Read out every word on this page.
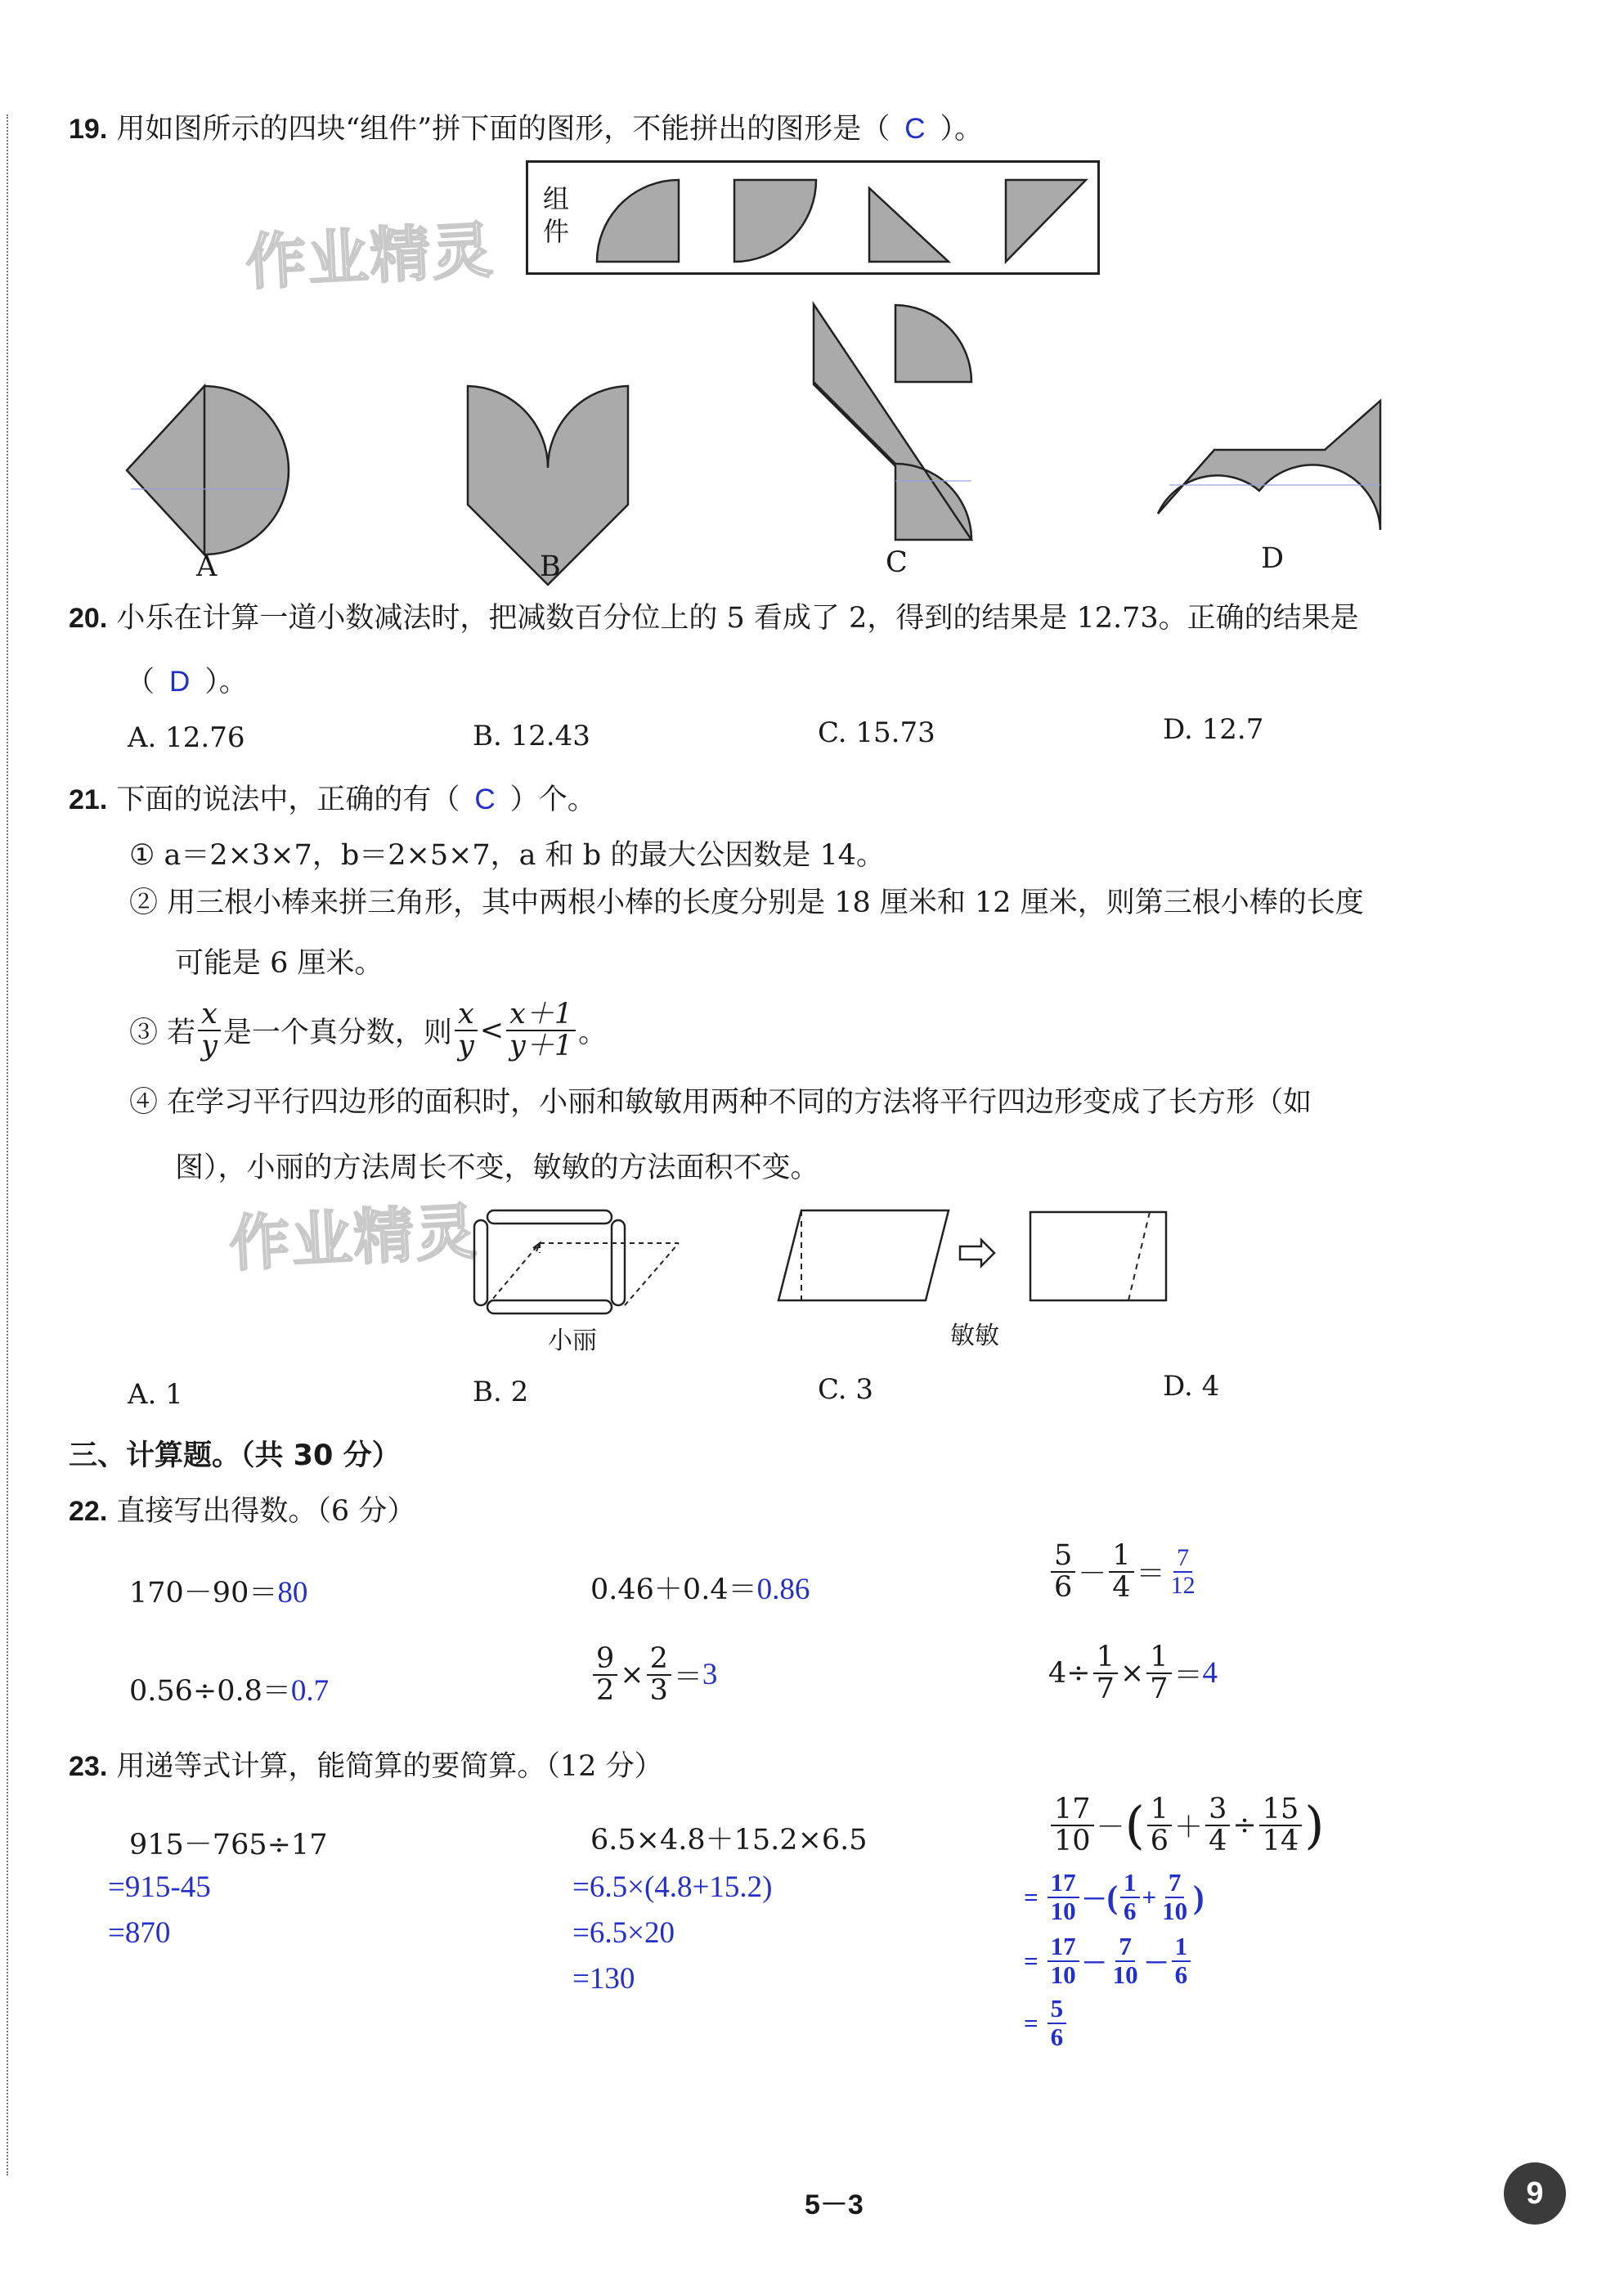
作业精灵
作业精灵
19. 用如图所示的四块“组件”拼下面的图形，不能拼出的图形是（ C ）。
组件
A	B	C	D
20. 小乐在计算一道小数减法时，把减数百分位上的 5 看成了 2，得到的结果是 12.73。正确的结果是
（ D ）。
A. 12.76	B. 12.43	C. 15.73	D. 12.7
21. 下面的说法中，正确的有（ C ）个。
① a＝2×3×7，b＝2×5×7，a 和 b 的最大公因数是 14。
② 用三根小棒来拼三角形，其中两根小棒的长度分别是 18 厘米和 12 厘米，则第三根小棒的长度
可能是 6 厘米。
③ 若 $\frac{x}{y}$ 是一个真分数，则 $\frac{x}{y} < \frac{x+1}{y+1}$ 。
④ 在学习平行四边形的面积时，小丽和敏敏用两种不同的方法将平行四边形变成了长方形（如
图），小丽的方法周长不变，敏敏的方法面积不变。
小丽	敏敏
A. 1	B. 2	C. 3	D. 4
三、计算题。（共 30 分）
22. 直接写出得数。（6 分）
170－90＝80	0.46＋0.4＝0.86	$\frac{5}{6} - \frac{1}{4} = \frac{7}{12}$
0.56÷0.8＝0.7	$\frac{9}{2} \times \frac{2}{3} = 3$	$4\div \frac{1}{7} \times \frac{1}{7} = 4$
23. 用递等式计算，能简算的要简算。（12 分）
915－765÷17
=915-45
=870
6.5×4.8＋15.2×6.5
=6.5×(4.8+15.2)
=6.5×20
=130
$\frac{17}{10}$ － ( $\frac{1}{6} + \frac{3}{4} \div \frac{15}{14}$ )
= $\frac{17}{10}$ － ( $\frac{1}{6} + \frac{7}{10}$ )
= $\frac{17}{10} - \frac{7}{10} - \frac{1}{6}$
= $\frac{5}{6}$
5－3	9
